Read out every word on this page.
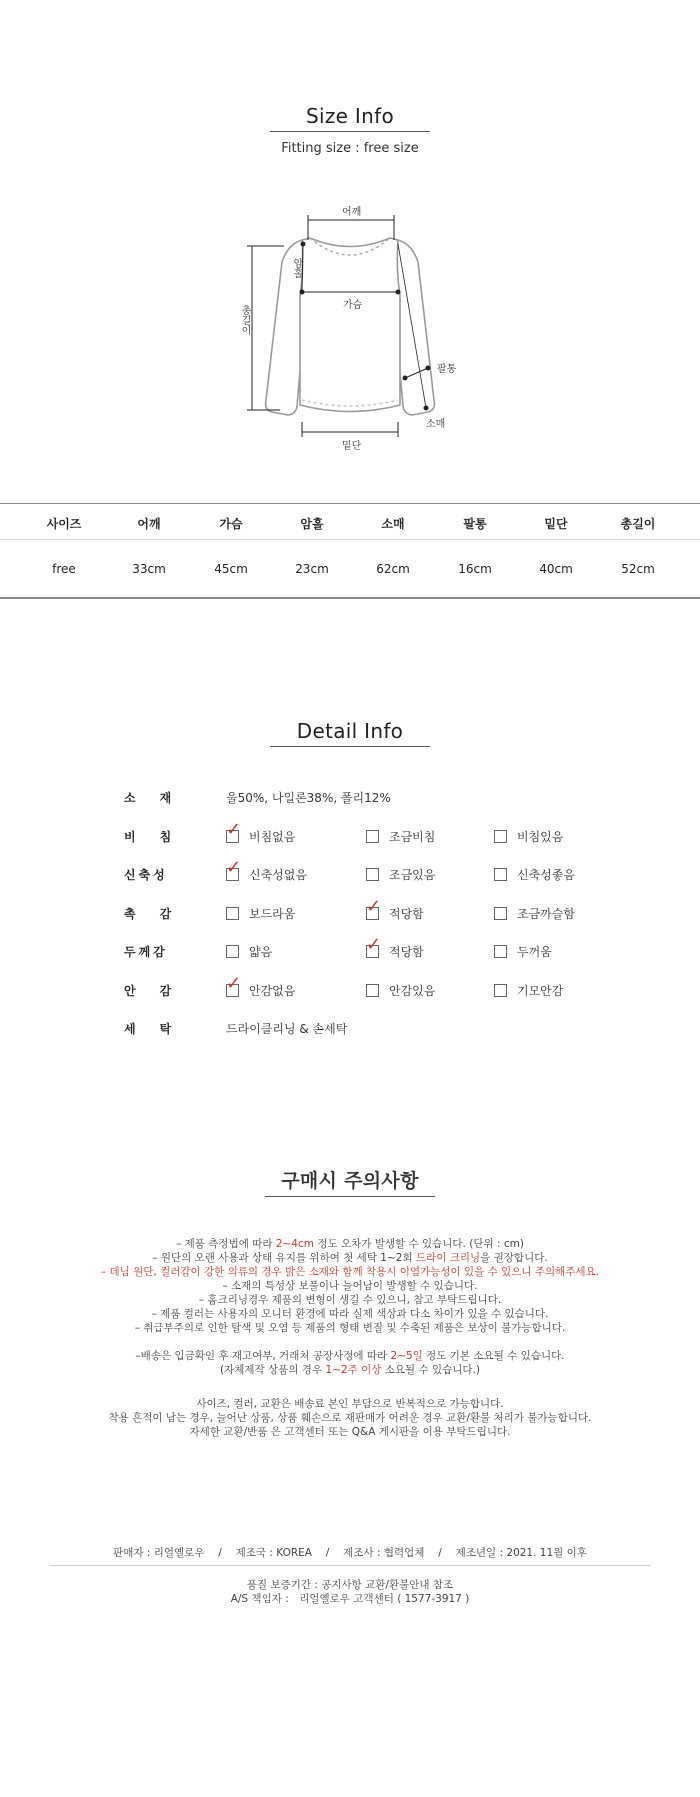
Size Info
Fitting size : free size
어깨
암홀
가슴
총길이
팔통
소매
밑단
사이즈	어깨	가슴	암홀	소매	팔통	밑단	총길이
free	33cm	45cm	23cm	62cm	16cm	40cm	52cm
Detail Info
소　재	울50%, 나일론38%, 폴리12%
비　침	✓ 비침없음	조금비침	비침있음
신축성	✓ 신축성없음	조금있음	신축성좋음
촉　감	보드라움	✓ 적당함	조금까슬함
두께감	얇음	✓ 적당함	두꺼움
안　감	✓ 안감없음	안감있음	기모안감
세　탁	드라이클리닝 & 손세탁
구매시 주의사항
– 제품 측정법에 따라 2~4cm 정도 오차가 발생할 수 있습니다. (단위 : cm)
– 원단의 오랜 사용과 상태 유지를 위하여 첫 세탁 1~2회 드라이 크리닝을 권장합니다.
– 데님 원단, 컬러감이 강한 의류의 경우 밝은 소재와 함께 착용시 이염가능성이 있을 수 있으니 주의해주세요.
– 소재의 특성상 보풀이나 늘어남이 발생할 수 있습니다.
– 홈크리닝경우 제품의 변형이 생길 수 있으니, 참고 부탁드립니다.
– 제품 컬러는 사용자의 모니터 환경에 따라 실제 색상과 다소 차이가 있을 수 있습니다.
– 취급부주의로 인한 탈색 및 오염 등 제품의 형태 변질 및 수축된 제품은 보상이 불가능합니다.
–배송은 입금확인 후 재고여부, 거래처 공장사정에 따라 2~5일 정도 기본 소요될 수 있습니다.
(자체제작 상품의 경우 1~2주 이상 소요될 수 있습니다.)
사이즈, 컬러, 교환은 배송료 본인 부담으로 반복적으로 가능합니다.
착용 흔적이 남는 경우, 늘어난 상품, 상품 훼손으로 재판매가 어려운 경우 교환/환불 처리가 불가능합니다.
자세한 교환/반품 은 고객센터 또는 Q&A 게시판을 이용 부탁드립니다.
판매자 : 리얼옐로우　 /　 제조국 : KOREA　 /　 제조사 : 협력업체　 /　 제조년일 : 2021. 11월 이후
품질 보증기간 : 공지사항 교환/환불안내 참조
A/S 책임자 :　리얼옐로우 고객센터 ( 1577-3917 )
